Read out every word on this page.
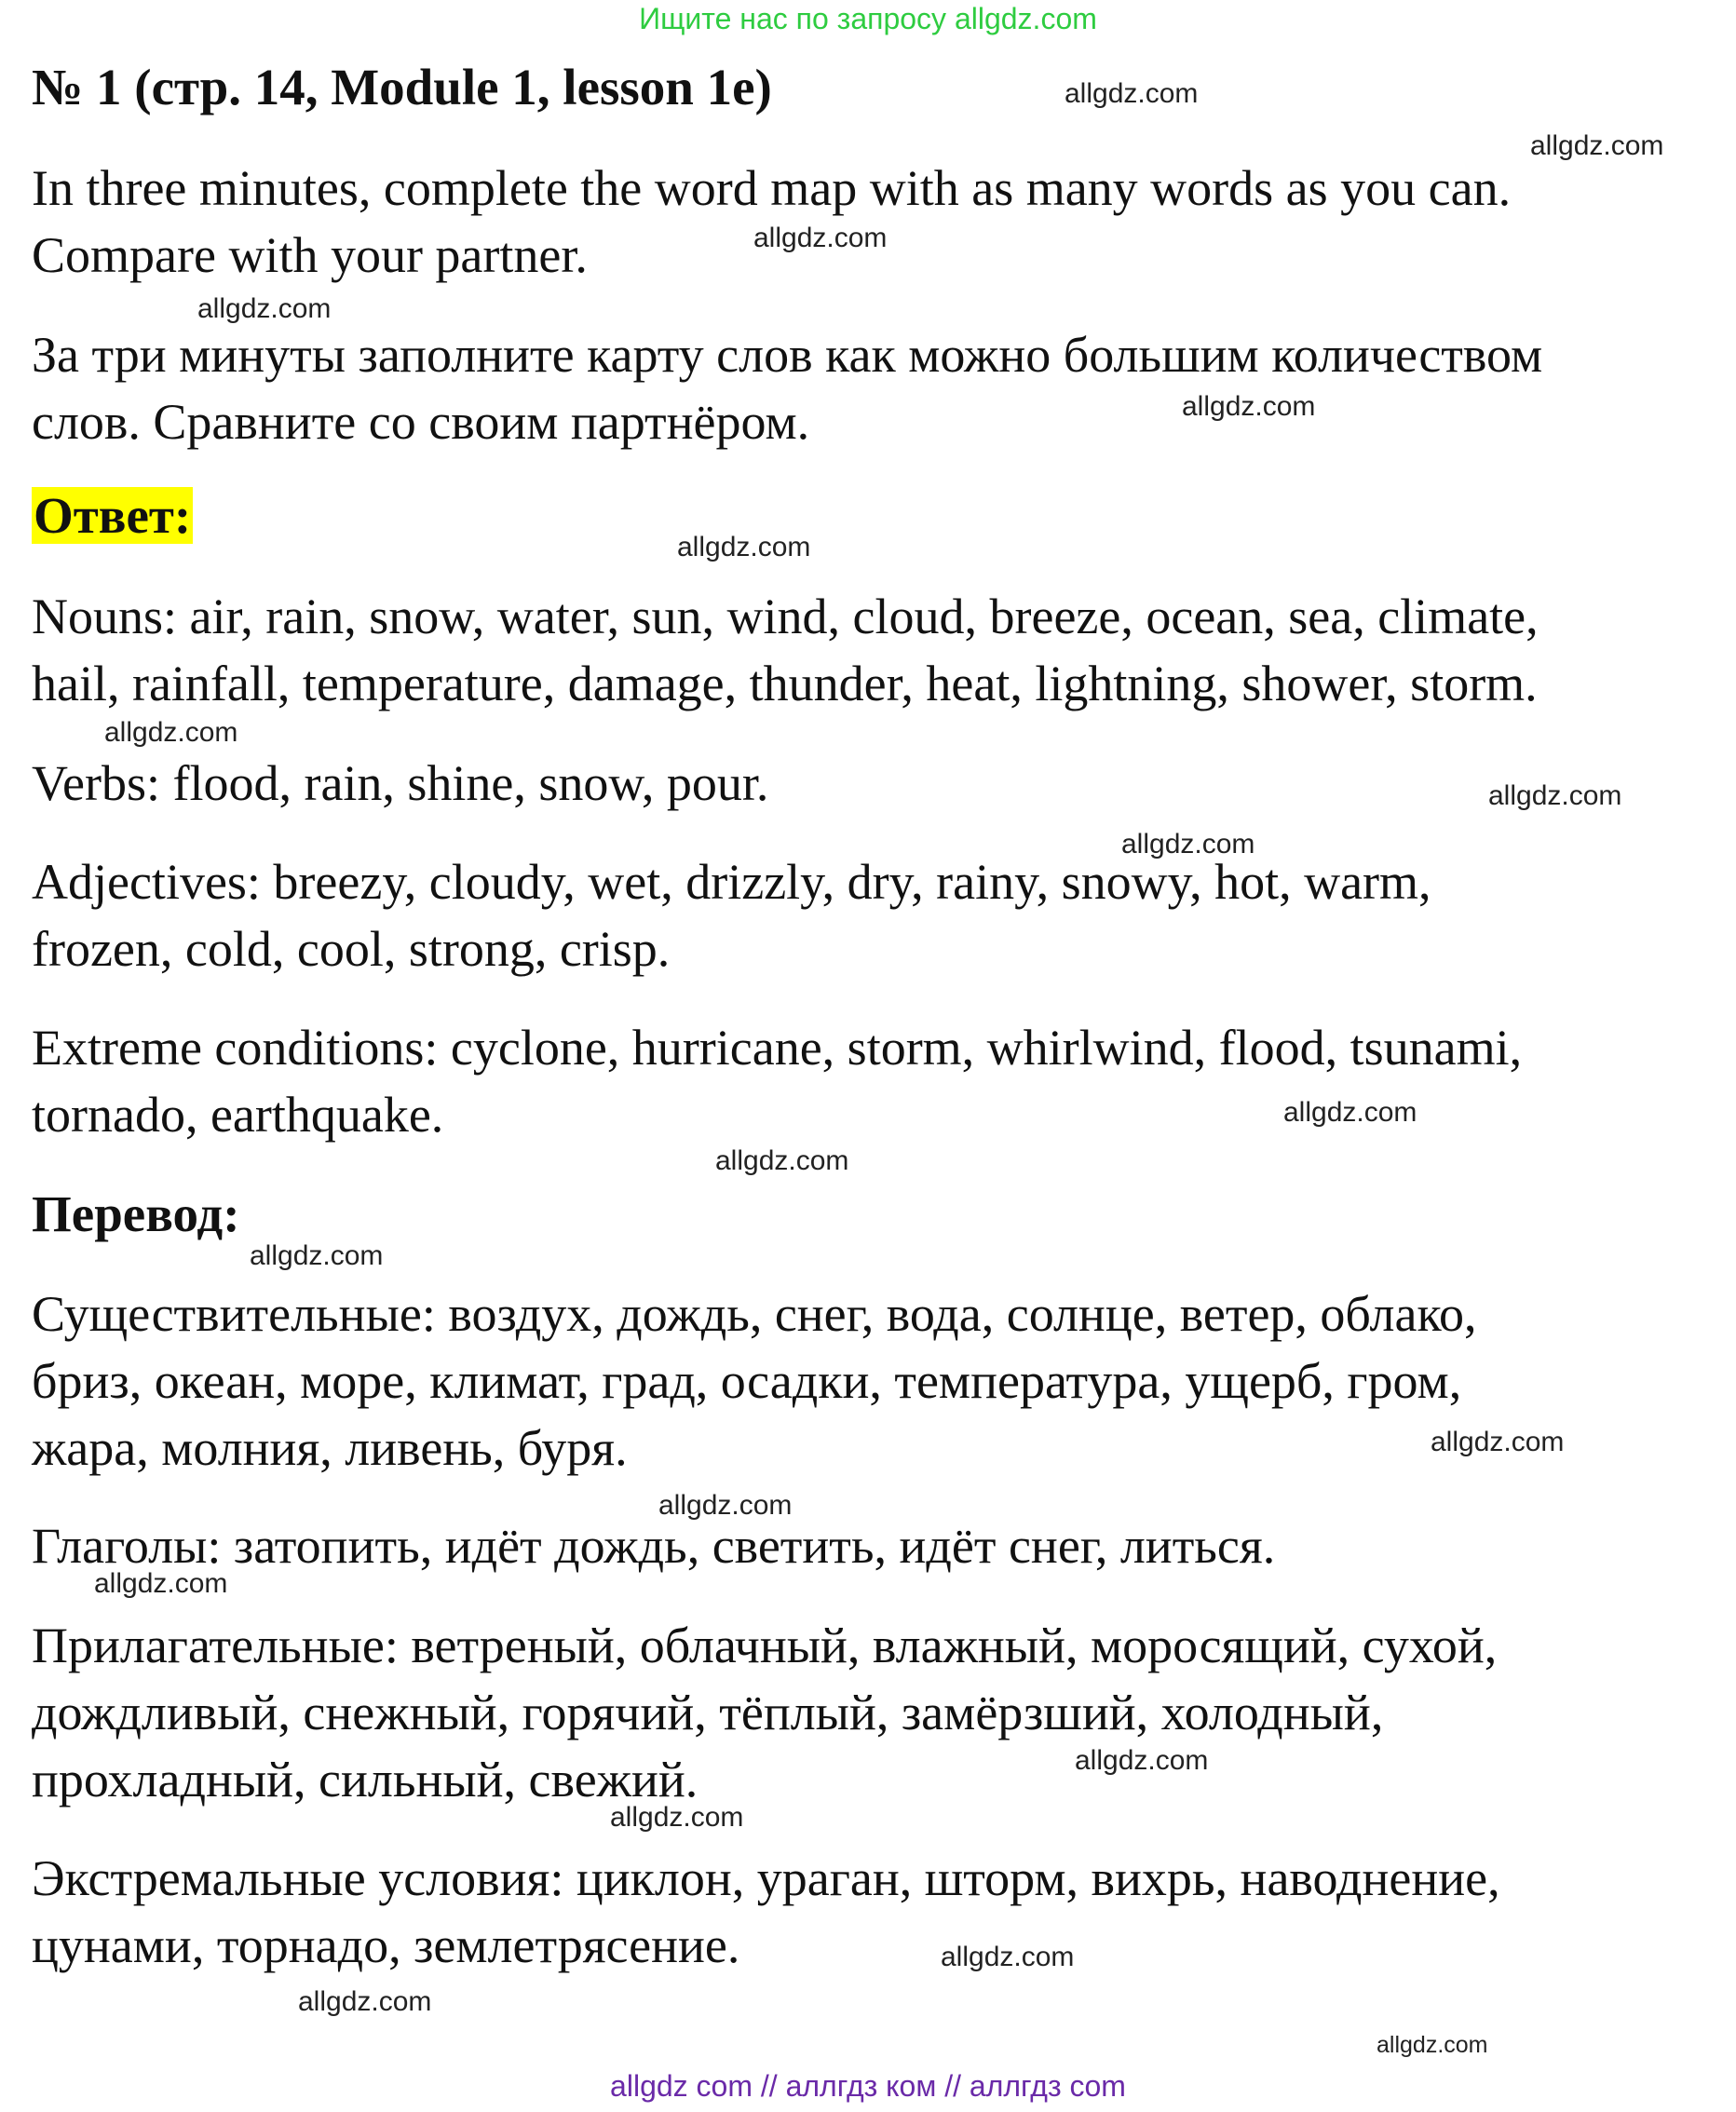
Ищите нас по запросу allgdz.com
№ 1 (стр. 14, Module 1, lesson 1e)
In three minutes, complete the word map with as many words as you can.
Compare with your partner.
За три минуты заполните карту слов как можно большим количеством
слов. Сравните со своим партнёром.
Ответ:
Nouns: air, rain, snow, water, sun, wind, cloud, breeze, ocean, sea, climate,
hail, rainfall, temperature, damage, thunder, heat, lightning, shower, storm.
Verbs: flood, rain, shine, snow, pour.
Adjectives: breezy, cloudy, wet, drizzly, dry, rainy, snowy, hot, warm,
frozen, cold, cool, strong, crisp.
Extreme conditions: cyclone, hurricane, storm, whirlwind, flood, tsunami,
tornado, earthquake.
Перевод:
Существительные: воздух, дождь, снег, вода, солнце, ветер, облако,
бриз, океан, море, климат, град, осадки, температура, ущерб, гром,
жара, молния, ливень, буря.
Глаголы: затопить, идёт дождь, светить, идёт снег, литься.
Прилагательные: ветреный, облачный, влажный, моросящий, сухой,
дождливый, снежный, горячий, тёплый, замёрзший, холодный,
прохладный, сильный, свежий.
Экстремальные условия: циклон, ураган, шторм, вихрь, наводнение,
цунами, торнадо, землетрясение.
allgdz.com
allgdz.com
allgdz.com
allgdz.com
allgdz.com
allgdz.com
allgdz.com
allgdz.com
allgdz.com
allgdz.com
allgdz.com
allgdz.com
allgdz.com
allgdz.com
allgdz.com
allgdz.com
allgdz.com
allgdz.com
allgdz.com
allgdz.com
allgdz com // аллгдз ком // аллгдз com
